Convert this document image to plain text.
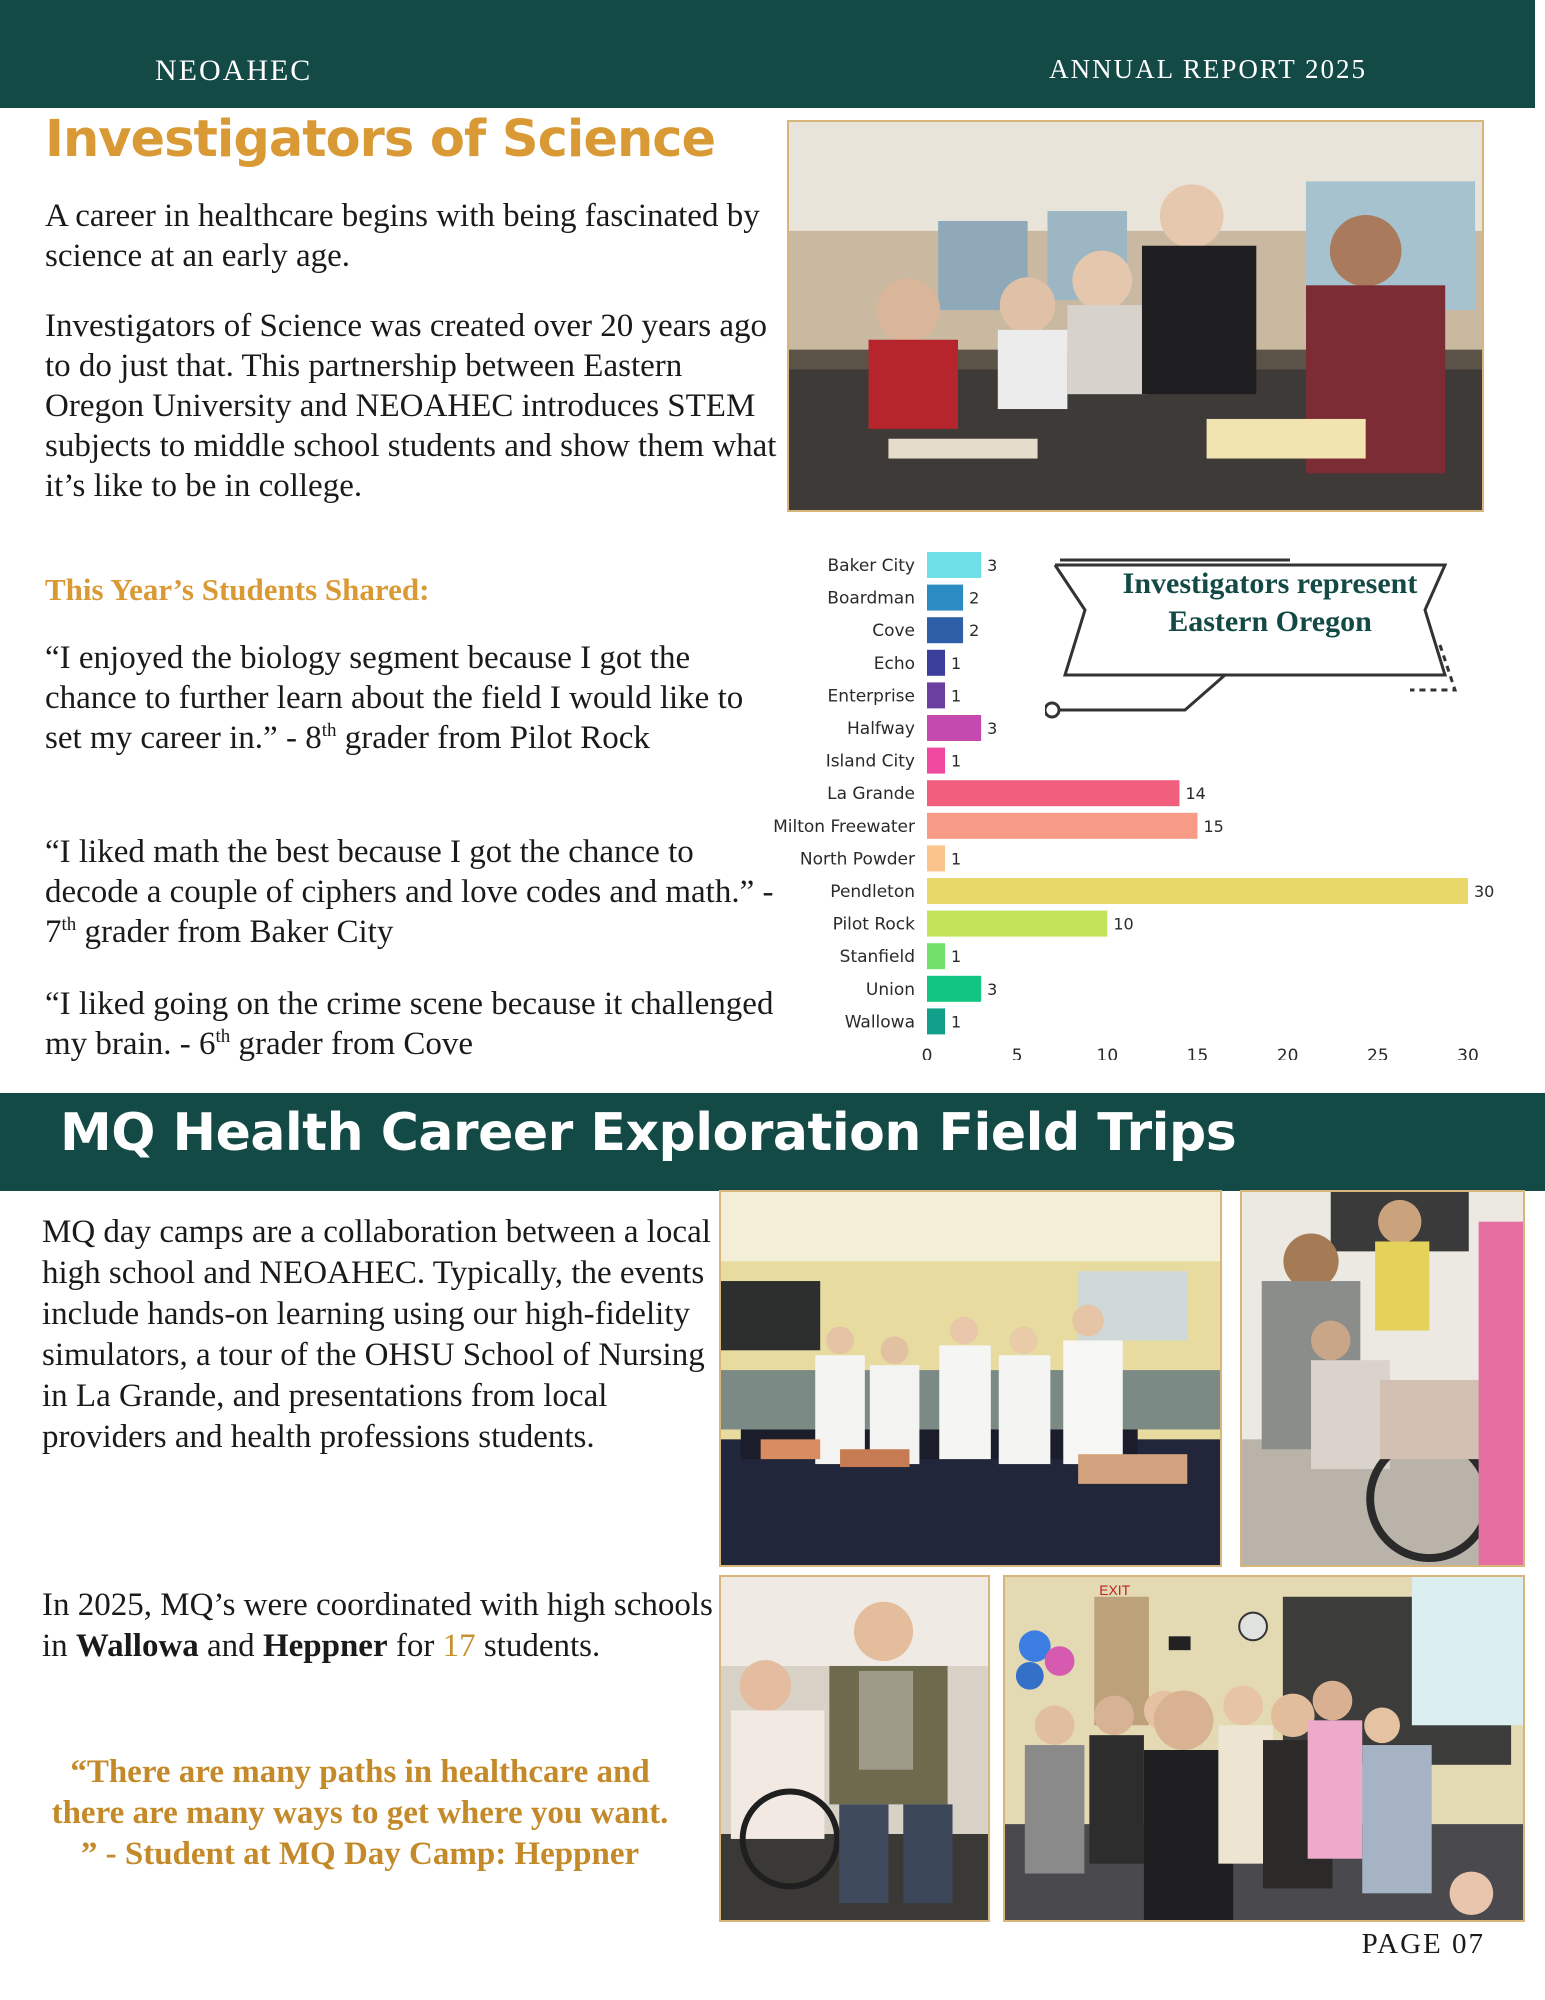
NEOAHEC	ANNUAL REPORT 2025
Investigators of Science
A career in healthcare begins with being fascinated by science at an early age.
Investigators of Science was created over 20 years ago to do just that. This partnership between Eastern Oregon University and NEOAHEC introduces STEM subjects to middle school students and show them what it’s like to be in college.
This Year’s Students Shared:
“I enjoyed the biology segment because I got the chance to further learn about the field I would like to set my career in.” - 8th grader from Pilot Rock
“I liked math the best because I got the chance to decode a couple of ciphers and love codes and math.” - 7th grader from Baker City
“I liked going on the crime scene because it challenged my brain. - 6th grader from Cove
Baker City	3
Boardman	2
Cove	2
Echo 1
Enterprise 1
Halfway	3
Island City 1
La Grande	14
Milton Freewater	15
North Powder 1
Pendleton	30
Pilot Rock	10
Stanfield 1
Union	3
Wallowa 1
0	5	10	15	20	25	30
Investigators represent Eastern Oregon
MQ Health Career Exploration Field Trips
MQ day camps are a collaboration between a local high school and NEOAHEC. Typically, the events include hands-on learning using our high-fidelity simulators, a tour of the OHSU School of Nursing in La Grande, and presentations from local providers and health professions students.
In 2025, MQ’s were coordinated with high schools in Wallowa and Heppner for 17 students.
“There are many paths in healthcare and there are many ways to get where you want. ” - Student at MQ Day Camp: Heppner
EXIT
PAGE 07
